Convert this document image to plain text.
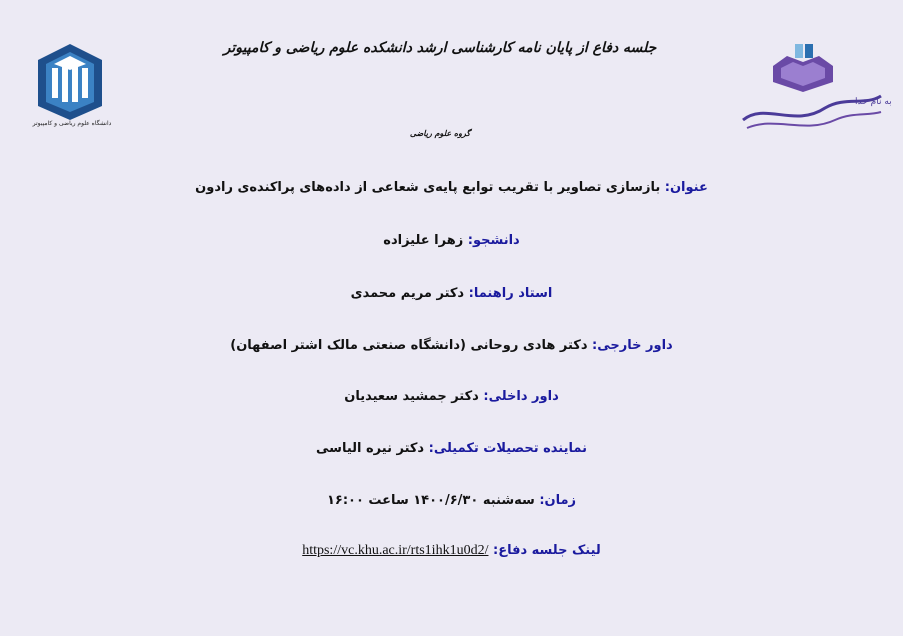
دانشگاه علوم ریاضی و کامپیوتر
به نام خدا
جلسه دفاع از پایان نامه کارشناسی ارشد دانشکده علوم ریاضی و کامپیوتر
گروه علوم ریاضی
عنوان: بازسازی تصاویر با تقریب توابع پایه‌ی شعاعی از داده‌های پراکنده‌ی رادون
دانشجو: زهرا علیزاده
استاد راهنما: دکتر مریم محمدی
داور خارجی: دکتر هادی روحانی (دانشگاه صنعتی مالک اشتر اصفهان)
داور داخلی: دکتر جمشید سعیدیان
نماینده تحصیلات تکمیلی: دکتر نیره الیاسی
زمان: سه‌شنبه ۱۴۰۰/۶/۳۰ ساعت ۱۶:۰۰
لینک جلسه دفاع: https://vc.khu.ac.ir/rts1ihk1u0d2/
